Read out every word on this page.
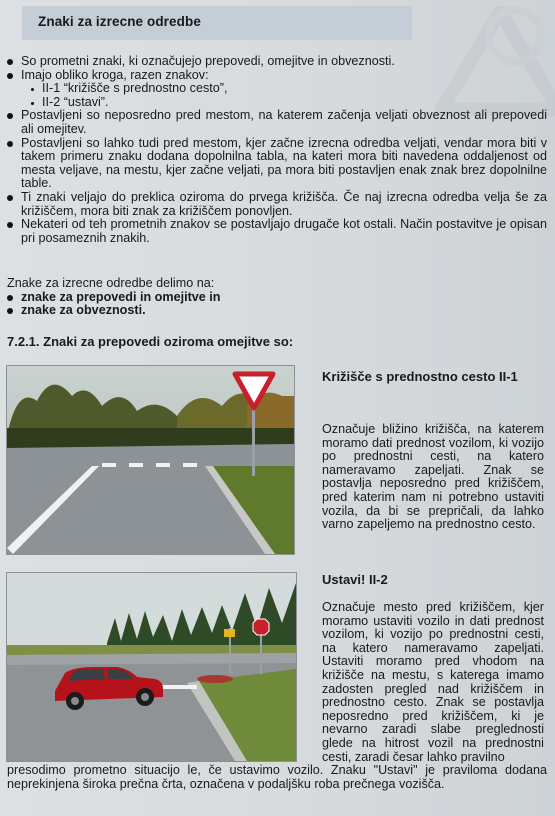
Znaki za izrecne odredbe
So prometni znaki, ki označujejo prepovedi, omejitve in obveznosti.
Imajo obliko kroga, razen znakov:
II-1 “križišče s prednostno cesto”,
II-2 “ustavi”.
Postavljeni so neposredno pred mestom, na katerem začenja veljati obveznost ali prepovedi ali omejitev.
Postavljeni so lahko tudi pred mestom, kjer začne izrecna odredba veljati, vendar mora biti v takem primeru znaku dodana dopolnilna tabla, na kateri mora biti navedena oddaljenost od mesta veljave, na mestu, kjer začne veljati, pa mora biti postavljen enak znak brez dopolnilne table.
Ti znaki veljajo do preklica oziroma do prvega križišča. Če naj izrecna odredba velja še za križiščem, mora biti znak za križiščem ponovljen.
Nekateri od teh prometnih znakov se postavljajo drugače kot ostali. Način postavitve je opisan pri posameznih znakih.

Znake za izrecne odredbe delimo na:

znake za prepovedi in omejitve in
znake za obveznosti.
7.2.1. Znaki za prepovedi oziroma omejitve so:
Križišče s prednostno cesto II-1
Označuje bližino križišča, na katerem moramo dati prednost vozilom, ki vozijo po prednostni cesti, na katero nameravamo zapeljati. Znak se postavlja neposredno pred križiščem, pred katerim nam ni potrebno ustaviti vozila, da bi se prepričali, da lahko varno zapeljemo na prednostno cesto.
Ustavi! II-2
Označuje mesto pred križiščem, kjer moramo ustaviti vozilo in dati prednost vozilom, ki vozijo po prednostni cesti, na katero nameravamo zapeljati. Ustaviti moramo pred vhodom na križišče na mestu, s katerega imamo zadosten pregled nad križiščem in prednostno cesto. Znak se postavlja neposredno pred križiščem, ki je nevarno zaradi slabe preglednosti glede na hitrost vozil na prednostni cesti, zaradi česar lahko pravilno
presodimo prometno situacijo le, če ustavimo vozilo. Znaku "Ustavi" je praviloma dodana neprekinjena široka prečna črta, označena v podaljšku roba prečnega vozišča.
